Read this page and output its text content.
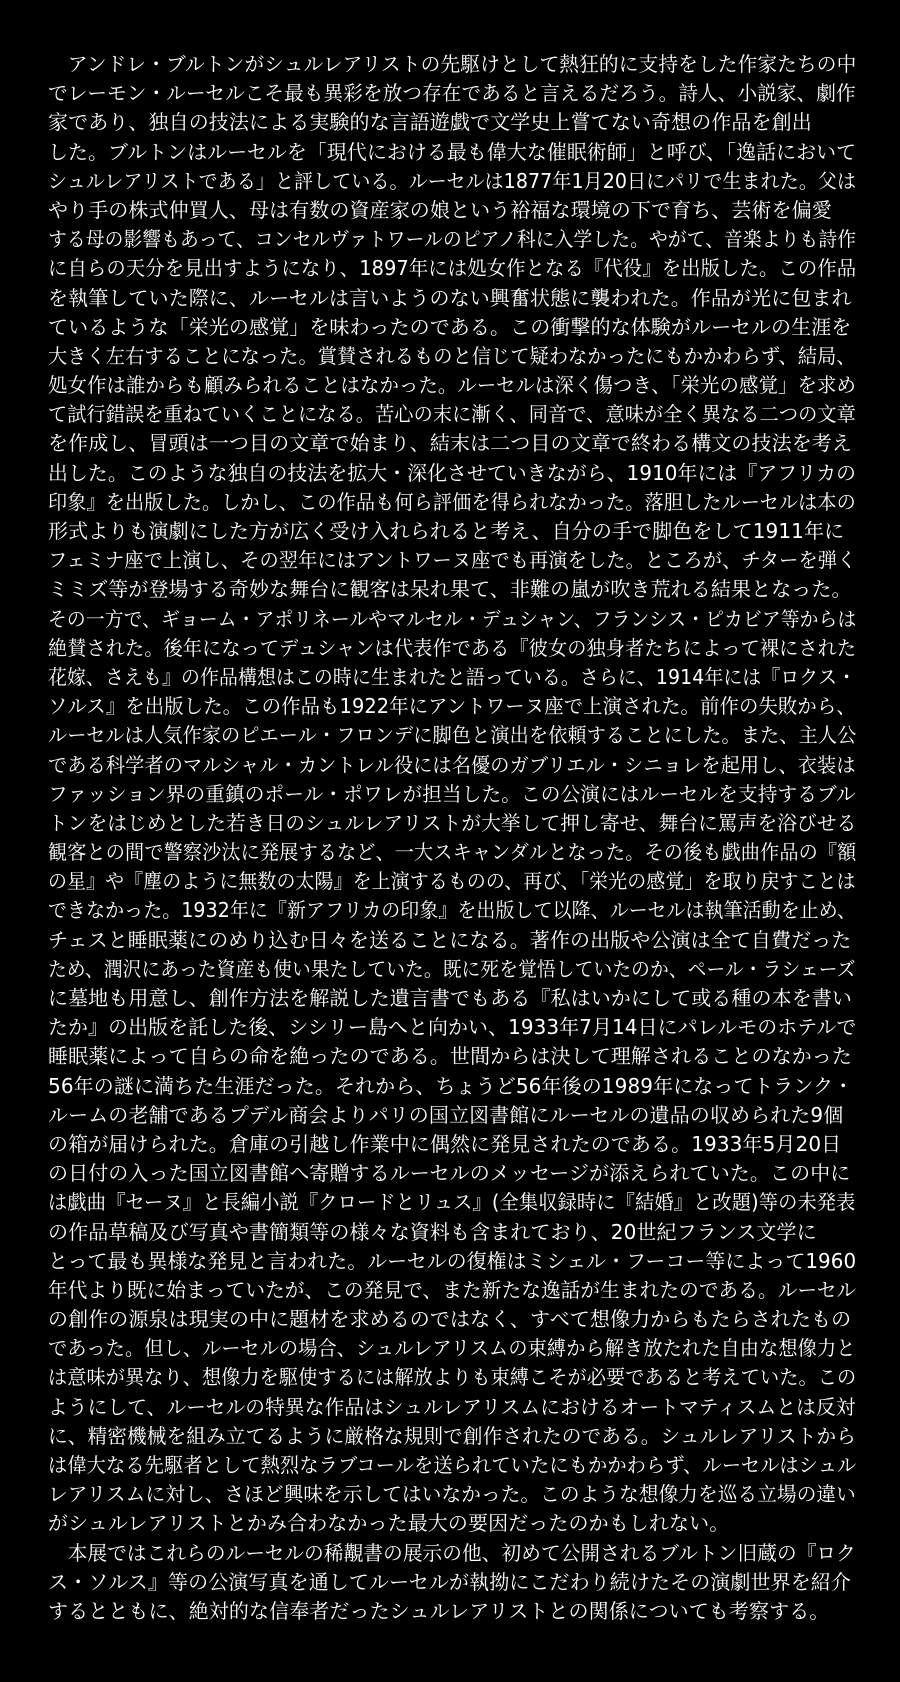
　アンドレ・ブルトンがシュルレアリストの先駆けとして熱狂的に支持をした作家たちの中
でレーモン・ルーセルこそ最も異彩を放つ存在であると言えるだろう。詩人、小説家、劇作
家であり、独自の技法による実験的な言語遊戯で文学史上嘗てない奇想の作品を創出
した。ブルトンはルーセルを「現代における最も偉大な催眠術師」と呼び、「逸話において
シュルレアリストである」と評している。ルーセルは1877年1月20日にパリで生まれた。父は
やり手の株式仲買人、母は有数の資産家の娘という裕福な環境の下で育ち、芸術を偏愛
する母の影響もあって、コンセルヴァトワールのピアノ科に入学した。やがて、音楽よりも詩作
に自らの天分を見出すようになり、1897年には処女作となる『代役』を出版した。この作品
を執筆していた際に、ルーセルは言いようのない興奮状態に襲われた。作品が光に包まれ
ているような「栄光の感覚」を味わったのである。この衝撃的な体験がルーセルの生涯を
大きく左右することになった。賞賛されるものと信じて疑わなかったにもかかわらず、結局、
処女作は誰からも顧みられることはなかった。ルーセルは深く傷つき、「栄光の感覚」を求め
て試行錯誤を重ねていくことになる。苦心の末に漸く、同音で、意味が全く異なる二つの文章
を作成し、冒頭は一つ目の文章で始まり、結末は二つ目の文章で終わる構文の技法を考え
出した。このような独自の技法を拡大・深化させていきながら、1910年には『アフリカの
印象』を出版した。しかし、この作品も何ら評価を得られなかった。落胆したルーセルは本の
形式よりも演劇にした方が広く受け入れられると考え、自分の手で脚色をして1911年に
フェミナ座で上演し、その翌年にはアントワーヌ座でも再演をした。ところが、チターを弾く
ミミズ等が登場する奇妙な舞台に観客は呆れ果て、非難の嵐が吹き荒れる結果となった。
その一方で、ギョーム・アポリネールやマルセル・デュシャン、フランシス・ピカビア等からは
絶賛された。後年になってデュシャンは代表作である『彼女の独身者たちによって裸にされた
花嫁、さえも』の作品構想はこの時に生まれたと語っている。さらに、1914年には『ロクス・
ソルス』を出版した。この作品も1922年にアントワーヌ座で上演された。前作の失敗から、
ルーセルは人気作家のピエール・フロンデに脚色と演出を依頼することにした。また、主人公
である科学者のマルシャル・カントレル役には名優のガブリエル・シニョレを起用し、衣装は
ファッション界の重鎮のポール・ポワレが担当した。この公演にはルーセルを支持するブル
トンをはじめとした若き日のシュルレアリストが大挙して押し寄せ、舞台に罵声を浴びせる
観客との間で警察沙汰に発展するなど、一大スキャンダルとなった。その後も戯曲作品の『額
の星』や『塵のように無数の太陽』を上演するものの、再び、「栄光の感覚」を取り戻すことは
できなかった。1932年に『新アフリカの印象』を出版して以降、ルーセルは執筆活動を止め、
チェスと睡眠薬にのめり込む日々を送ることになる。著作の出版や公演は全て自費だった
ため、潤沢にあった資産も使い果たしていた。既に死を覚悟していたのか、ペール・ラシェーズ
に墓地も用意し、創作方法を解説した遺言書でもある『私はいかにして或る種の本を書い
たか』の出版を託した後、シシリー島へと向かい、1933年7月14日にパレルモのホテルで
睡眠薬によって自らの命を絶ったのである。世間からは決して理解されることのなかった
56年の謎に満ちた生涯だった。それから、ちょうど56年後の1989年になってトランク・
ルームの老舗であるプデル商会よりパリの国立図書館にルーセルの遺品の収められた9個
の箱が届けられた。倉庫の引越し作業中に偶然に発見されたのである。1933年5月20日
の日付の入った国立図書館へ寄贈するルーセルのメッセージが添えられていた。この中に
は戯曲『セーヌ』と長編小説『クロードとリュス』(全集収録時に『結婚』と改題)等の未発表
の作品草稿及び写真や書簡類等の様々な資料も含まれており、20世紀フランス文学に
とって最も異様な発見と言われた。ルーセルの復権はミシェル・フーコー等によって1960
年代より既に始まっていたが、この発見で、また新たな逸話が生まれたのである。ルーセル
の創作の源泉は現実の中に題材を求めるのではなく、すべて想像力からもたらされたもの
であった。但し、ルーセルの場合、シュルレアリスムの束縛から解き放たれた自由な想像力と
は意味が異なり、想像力を駆使するには解放よりも束縛こそが必要であると考えていた。この
ようにして、ルーセルの特異な作品はシュルレアリスムにおけるオートマティスムとは反対
に、精密機械を組み立てるように厳格な規則で創作されたのである。シュルレアリストから
は偉大なる先駆者として熱烈なラブコールを送られていたにもかかわらず、ルーセルはシュル
レアリスムに対し、さほど興味を示してはいなかった。このような想像力を巡る立場の違い
がシュルレアリストとかみ合わなかった最大の要因だったのかもしれない。
　本展ではこれらのルーセルの稀覯書の展示の他、初めて公開されるブルトン旧蔵の『ロク
ス・ソルス』等の公演写真を通してルーセルが執拗にこだわり続けたその演劇世界を紹介
するとともに、絶対的な信奉者だったシュルレアリストとの関係についても考察する。
